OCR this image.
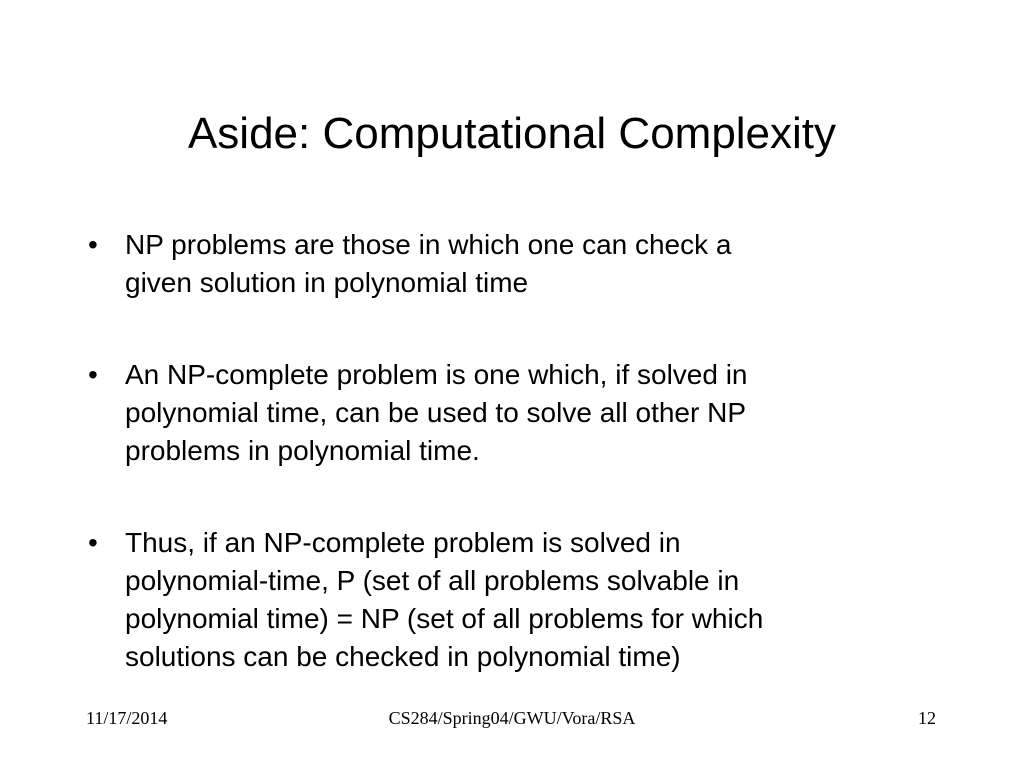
Aside: Computational Complexity
• NP problems are those in which one can check a
given solution in polynomial time
• An NP-complete problem is one which, if solved in
polynomial time, can be used to solve all other NP
problems in polynomial time.
• Thus, if an NP-complete problem is solved in
polynomial-time, P (set of all problems solvable in
polynomial time) = NP (set of all problems for which
solutions can be checked in polynomial time)
11/17/2014	CS284/Spring04/GWU/Vora/RSA	12
